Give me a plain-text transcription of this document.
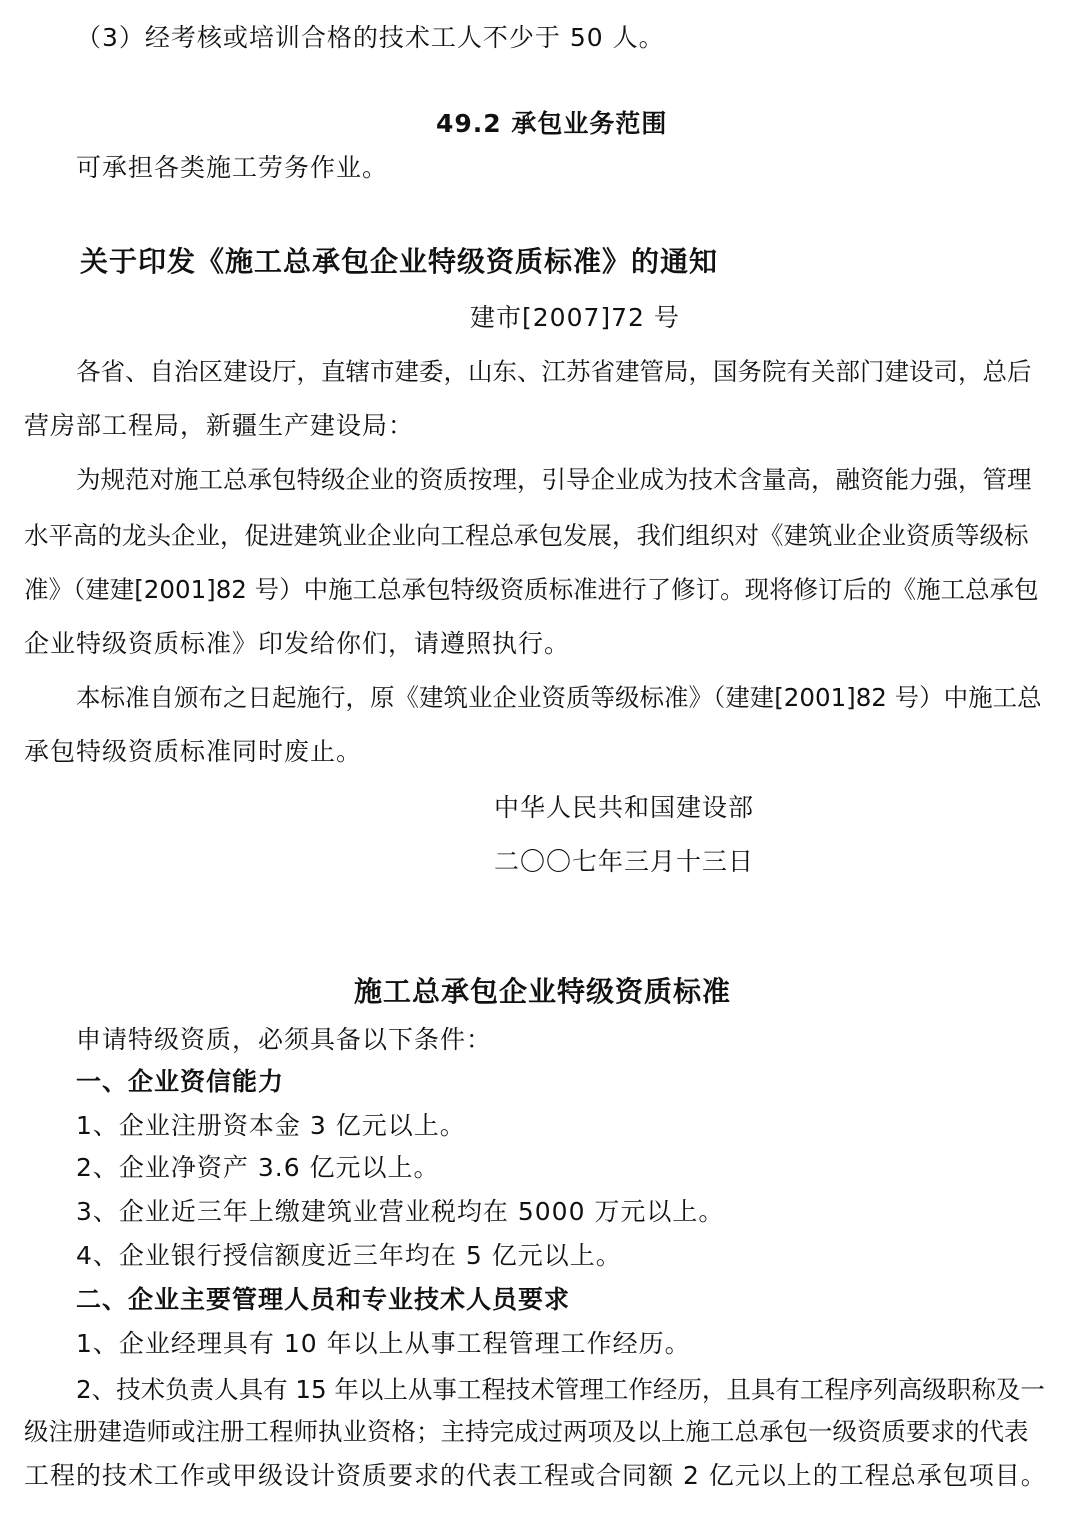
（3）经考核或培训合格的技术工人不少于 50 人。
49.2 承包业务范围
可承担各类施工劳务作业。
关于印发《施工总承包企业特级资质标准》的通知
建市[2007]72 号
各省、自治区建设厅，直辖市建委，山东、江苏省建管局，国务院有关部门建设司，总后
营房部工程局，新疆生产建设局：
为规范对施工总承包特级企业的资质按理，引导企业成为技术含量高，融资能力强，管理
水平高的龙头企业，促进建筑业企业向工程总承包发展，我们组织对《建筑业企业资质等级标
准》（建建[2001]82 号）中施工总承包特级资质标准进行了修订。现将修订后的《施工总承包
企业特级资质标准》印发给你们，请遵照执行。
本标准自颁布之日起施行，原《建筑业企业资质等级标准》（建建[2001]82 号）中施工总
承包特级资质标准同时废止。
中华人民共和国建设部
二〇〇七年三月十三日
施工总承包企业特级资质标准
申请特级资质，必须具备以下条件：
一、企业资信能力
1、企业注册资本金 3 亿元以上。
2、企业净资产 3.6 亿元以上。
3、企业近三年上缴建筑业营业税均在 5000 万元以上。
4、企业银行授信额度近三年均在 5 亿元以上。
二、企业主要管理人员和专业技术人员要求
1、企业经理具有 10 年以上从事工程管理工作经历。
2、技术负责人具有 15 年以上从事工程技术管理工作经历，且具有工程序列高级职称及一
级注册建造师或注册工程师执业资格；主持完成过两项及以上施工总承包一级资质要求的代表
工程的技术工作或甲级设计资质要求的代表工程或合同额 2 亿元以上的工程总承包项目。
